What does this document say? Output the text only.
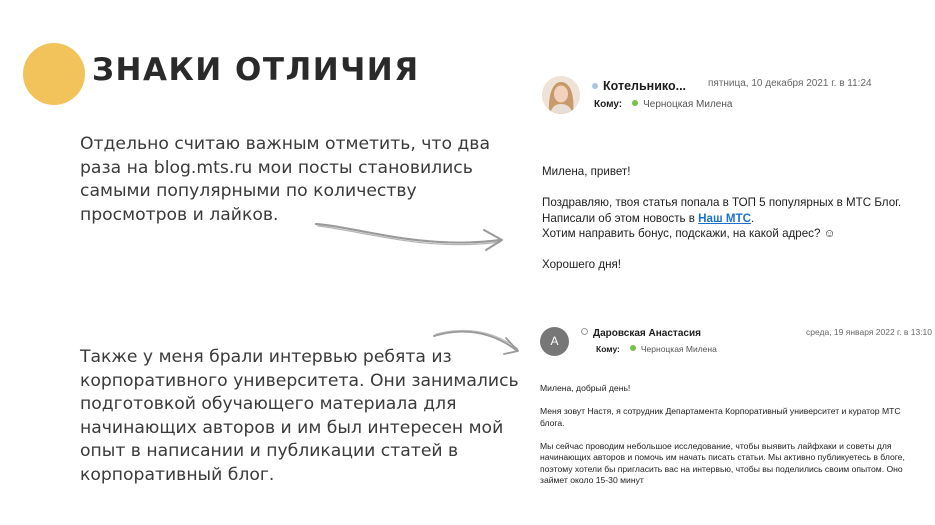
ЗНАКИ ОТЛИЧИЯ

Отдельно считаю важным отметить, что два раза на blog.mts.ru мои посты становились самыми популярными по количеству просмотров и лайков.

Также у меня брали интервью ребята из корпоративного университета. Они занимались подготовкой обучающего материала для начинающих авторов и им был интересен мой опыт в написании и публикации статей в корпоративный блог.

Котельнико... пятница, 10 декабря 2021 г. в 11:24
Кому: Черноцкая Милена

Милена, привет!

Поздравляю, твоя статья попала в ТОП 5 популярных в МТС Блог.

Написали об этом новость в Наш МТС.

Хотим направить бонус, подскажи, на какой адрес? ☺

Хорошего дня!

А
Даровская Анастасия	среда, 19 января 2022 г. в 13:10
Кому: Черноцкая Милена

Милена, добрый день!

Меня зовут Настя, я сотрудник Департамента Корпоративный университет и куратор МТС блога.

Мы сейчас проводим небольшое исследование, чтобы выявить лайфхаки и советы для начинающих авторов и помочь им начать писать статьи. Мы активно публикуетесь в блоге, поэтому хотели бы пригласить вас на интервью, чтобы вы поделились своим опытом. Оно займет около 15-30 минут
